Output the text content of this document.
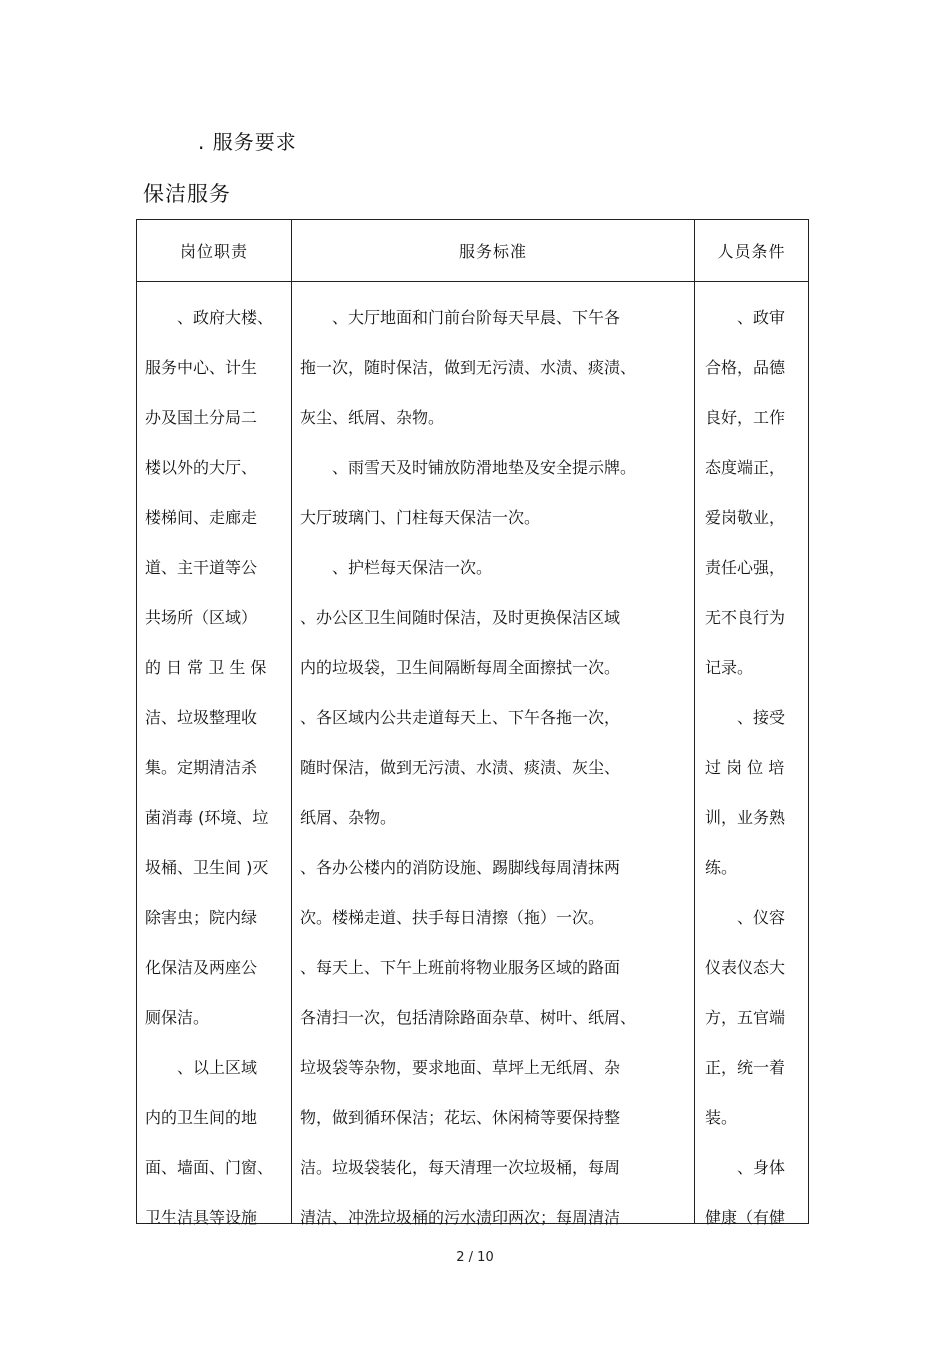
. 服务要求
保洁服务
岗位职责	服务标准	人员条件
　　、政府大楼、
服务中心、计生
办及国土分局二
楼以外的大厅、
楼梯间、走廊走
道、主干道等公
共场所（区域）
的 日 常 卫 生 保
洁、垃圾整理收
集。定期清洁杀
菌消毒 (环境、垃
圾桶、卫生间 )灭
除害虫；院内绿
化保洁及两座公
厕保洁。
　　、以上区域
内的卫生间的地
面、墙面、门窗、
卫生洁具等设施
　　、大厅地面和门前台阶每天早晨、下午各
拖一次，随时保洁，做到无污渍、水渍、痰渍、
灰尘、纸屑、杂物。
　　、雨雪天及时铺放防滑地垫及安全提示牌。
大厅玻璃门、门柱每天保洁一次。
　　、护栏每天保洁一次。
、办公区卫生间随时保洁，及时更换保洁区域
内的垃圾袋，卫生间隔断每周全面擦拭一次。
、各区域内公共走道每天上、下午各拖一次，
随时保洁，做到无污渍、水渍、痰渍、灰尘、
纸屑、杂物。
、各办公楼内的消防设施、踢脚线每周清抹两
次。楼梯走道、扶手每日清擦（拖）一次。
、每天上、下午上班前将物业服务区域的路面
各清扫一次，包括清除路面杂草、树叶、纸屑、
垃圾袋等杂物，要求地面、草坪上无纸屑、杂
物，做到循环保洁；花坛、休闲椅等要保持整
洁。垃圾袋装化，每天清理一次垃圾桶，每周
清洁、冲洗垃圾桶的污水渍印两次；每周清洁
　　、政审
合格，品德
良好，工作
态度端正，
爱岗敬业，
责任心强，
无不良行为
记录。
　　、接受
过 岗 位 培
训，业务熟
练。
　　、仪容
仪表仪态大
方，五官端
正，统一着
装。
　　、身体
健康（有健
2 / 10
